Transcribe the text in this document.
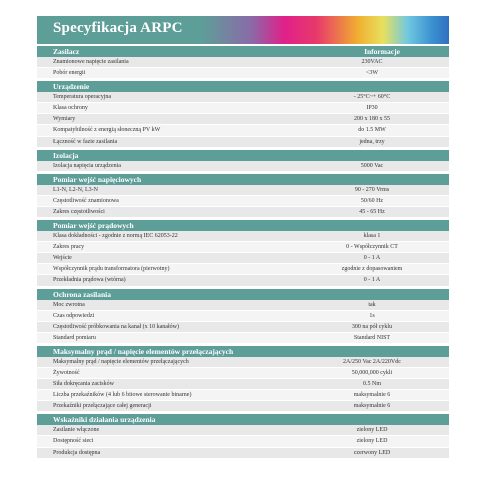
Specyfikacja ARPC
Zasilacz	Informacje
Znamionowe napięcie zasilania	230VAC
Pobór energii	<3W
Urządzenie
Temperatura operacyjna	- 25°C~+ 60°C
Klasa ochrony	IP30
Wymiary	200 x 180 x 55
Kompatybilność z energią słoneczną PV kW	do 1.5 MW
Łączność w fazie zasilania	jedna, trzy
Izolacja
Izolacja napięcia urządzenia	5000 Vac
Pomiar wejść napięciowych
L1-N, L2-N, L3-N	90 - 270 Vrms
Częstotliwość znamionowa	50/60 Hz
Zakres częstotliwości	45 - 65 Hz
Pomiar wejść prądowych
Klasa dokładności - zgodnie z normą IEC 62053-22	klasa 1
Zakres pracy	0 - Współczynnik CT
Wejście	0 - 1 A
Współczynnik prądu transformatora (pierwotny)	zgodnie z dopasowaniem
Przekładnia prądowa (wtórna)	0 - 1 A
Ochrona zasilania
Moc zwrotna	tak
Czas odpowiedzi	1s
Częstotliwość próbkowania na kanał (x 10 kanałów)	300 na pół cyklu
Standard pomiaru	Standard NIST
Maksymalny prąd / napięcie elementów przełączających
Maksymalny prąd / napięcie elementów przełączających	2A/250 Vac 2A/220Vdc
Żywotność	50,000,000 cykli
Siła dokręcania zacisków	0.5 Nm
Liczba przekaźników (4 lub 6 bitowe sterowanie binarne)	maksymalnie 6
Przekaźniki przełączające całej generacji	maksymalnie 6
Wskaźniki działania urządzenia
Zasilanie włączone	zielony LED
Dostępność sieci	zielony LED
Produkcja dostępna	czerwony LED
